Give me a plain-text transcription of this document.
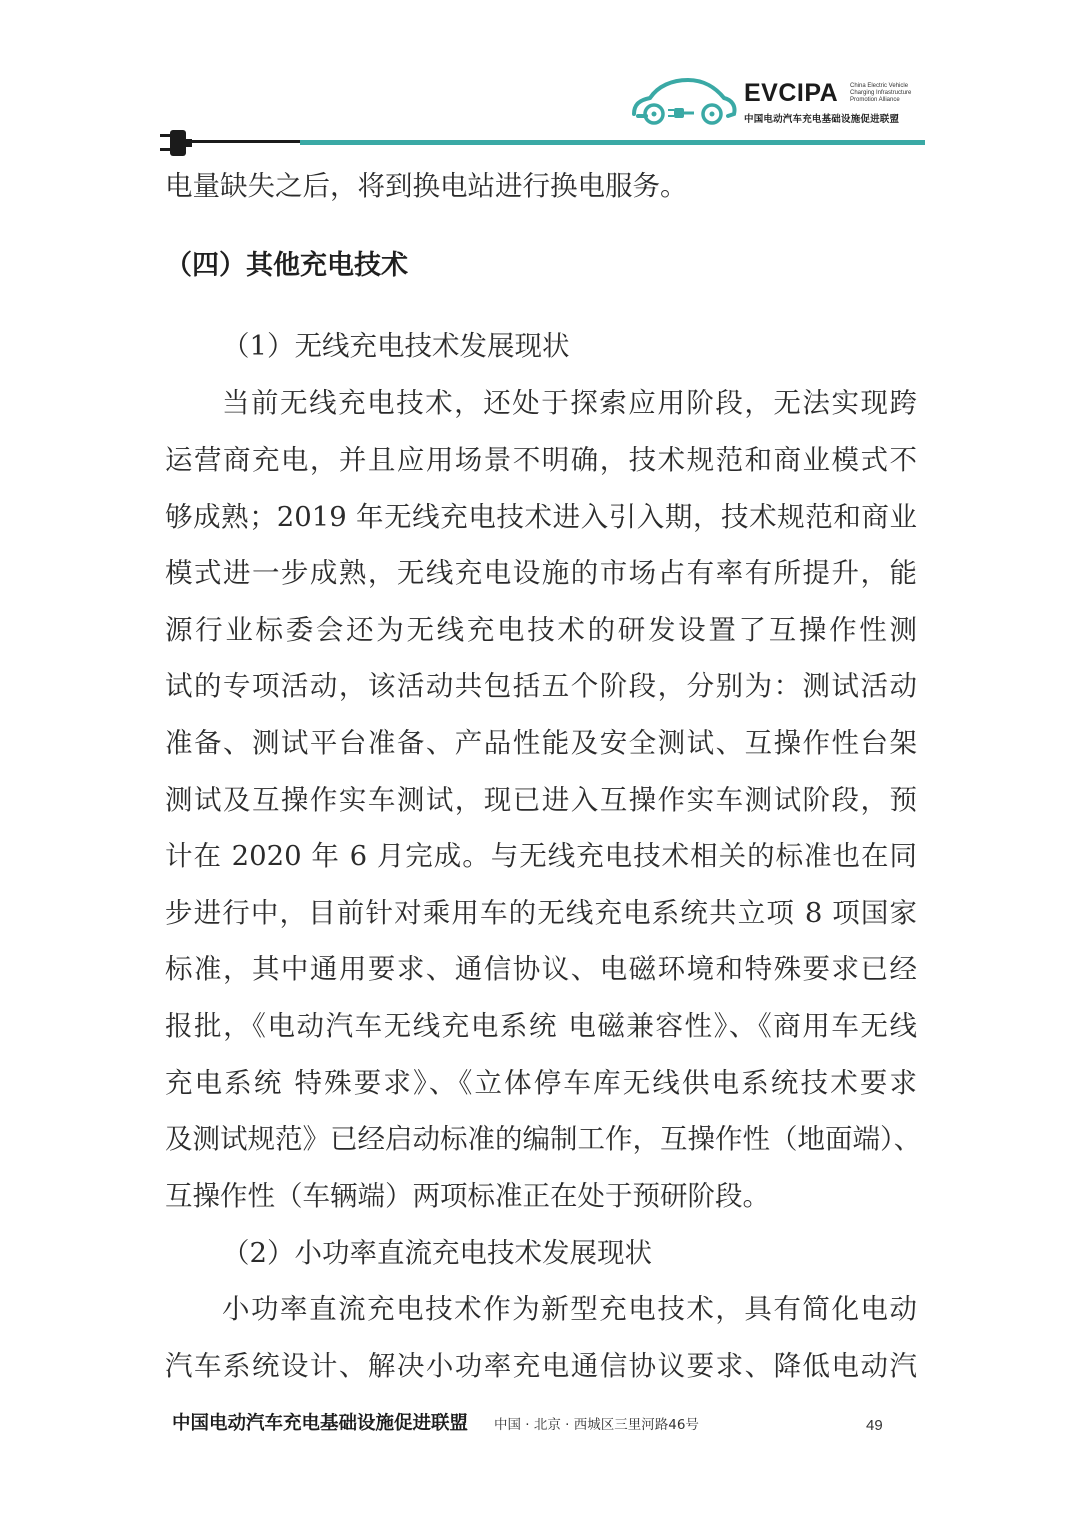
EVCIPA China Electric Vehicle
Charging Infrastructure
Promotion Alliance
中国电动汽车充电基础设施促进联盟
电量缺失之后，将到换电站进行换电服务。
（四）其他充电技术
（1）无线充电技术发展现状
当前无线充电技术，还处于探索应用阶段，无法实现跨
运营商充电，并且应用场景不明确，技术规范和商业模式不
够成熟；2019 年无线充电技术进入引入期，技术规范和商业
模式进一步成熟，无线充电设施的市场占有率有所提升，能
源行业标委会还为无线充电技术的研发设置了互操作性测
试的专项活动，该活动共包括五个阶段，分别为：测试活动
准备、测试平台准备、产品性能及安全测试、互操作性台架
测试及互操作实车测试，现已进入互操作实车测试阶段，预
计在 2020 年 6 月完成。与无线充电技术相关的标准也在同
步进行中，目前针对乘用车的无线充电系统共立项 8 项国家
标准，其中通用要求、通信协议、电磁环境和特殊要求已经
报批，《电动汽车无线充电系统 电磁兼容性》、《商用车无线
充电系统 特殊要求》、《立体停车库无线供电系统技术要求
及测试规范》已经启动标准的编制工作，互操作性（地面端）、
互操作性（车辆端）两项标准正在处于预研阶段。
（2）小功率直流充电技术发展现状
小功率直流充电技术作为新型充电技术，具有简化电动
汽车系统设计、解决小功率充电通信协议要求、降低电动汽
中国电动汽车充电基础设施促进联盟 中国 · 北京 · 西城区三里河路46号	49
